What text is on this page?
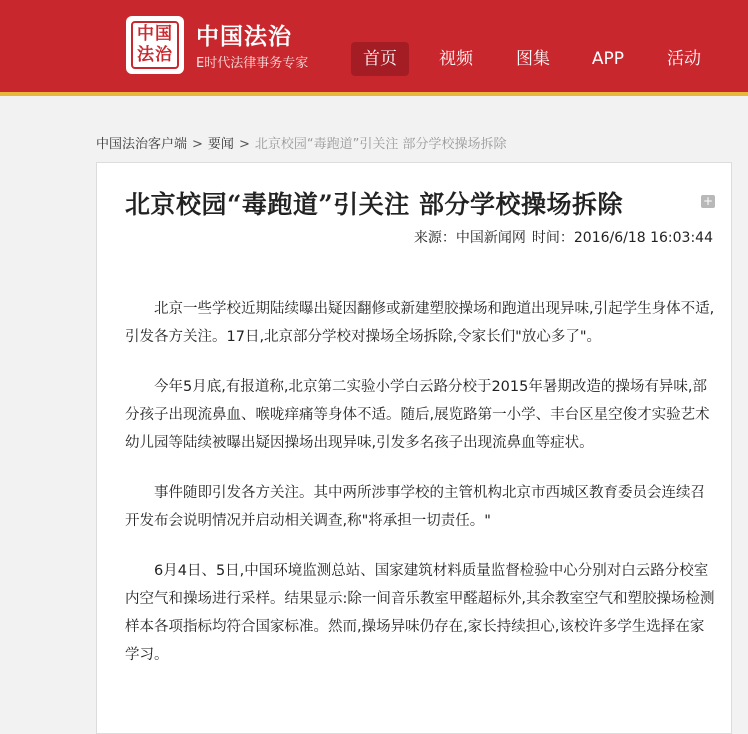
中国法治
中国法治
E时代法律事务专家	首页	视频	图集	APP	活动
中国法治客户端 > 要闻 > 北京校园“毒跑道”引关注 部分学校操场拆除
北京校园“毒跑道”引关注 部分学校操场拆除	+
来源：中国新闻网 时间：2016/6/18 16:03:44

北京一些学校近期陆续曝出疑因翻修或新建塑胶操场和跑道出现异味,引起学生身体不适,引发各方关注。17日,北京部分学校对操场全场拆除,令家长们"放心多了"。

今年5月底,有报道称,北京第二实验小学白云路分校于2015年暑期改造的操场有异味,部分孩子出现流鼻血、喉咙痒痛等身体不适。随后,展览路第一小学、丰台区星空俊才实验艺术幼儿园等陆续被曝出疑因操场出现异味,引发多名孩子出现流鼻血等症状。

事件随即引发各方关注。其中两所涉事学校的主管机构北京市西城区教育委员会连续召开发布会说明情况并启动相关调查,称"将承担一切责任。"

6月4日、5日,中国环境监测总站、国家建筑材料质量监督检验中心分别对白云路分校室内空气和操场进行采样。结果显示:除一间音乐教室甲醛超标外,其余教室空气和塑胶操场检测样本各项指标均符合国家标准。然而,操场异味仍存在,家长持续担心,该校许多学生选择在家学习。
